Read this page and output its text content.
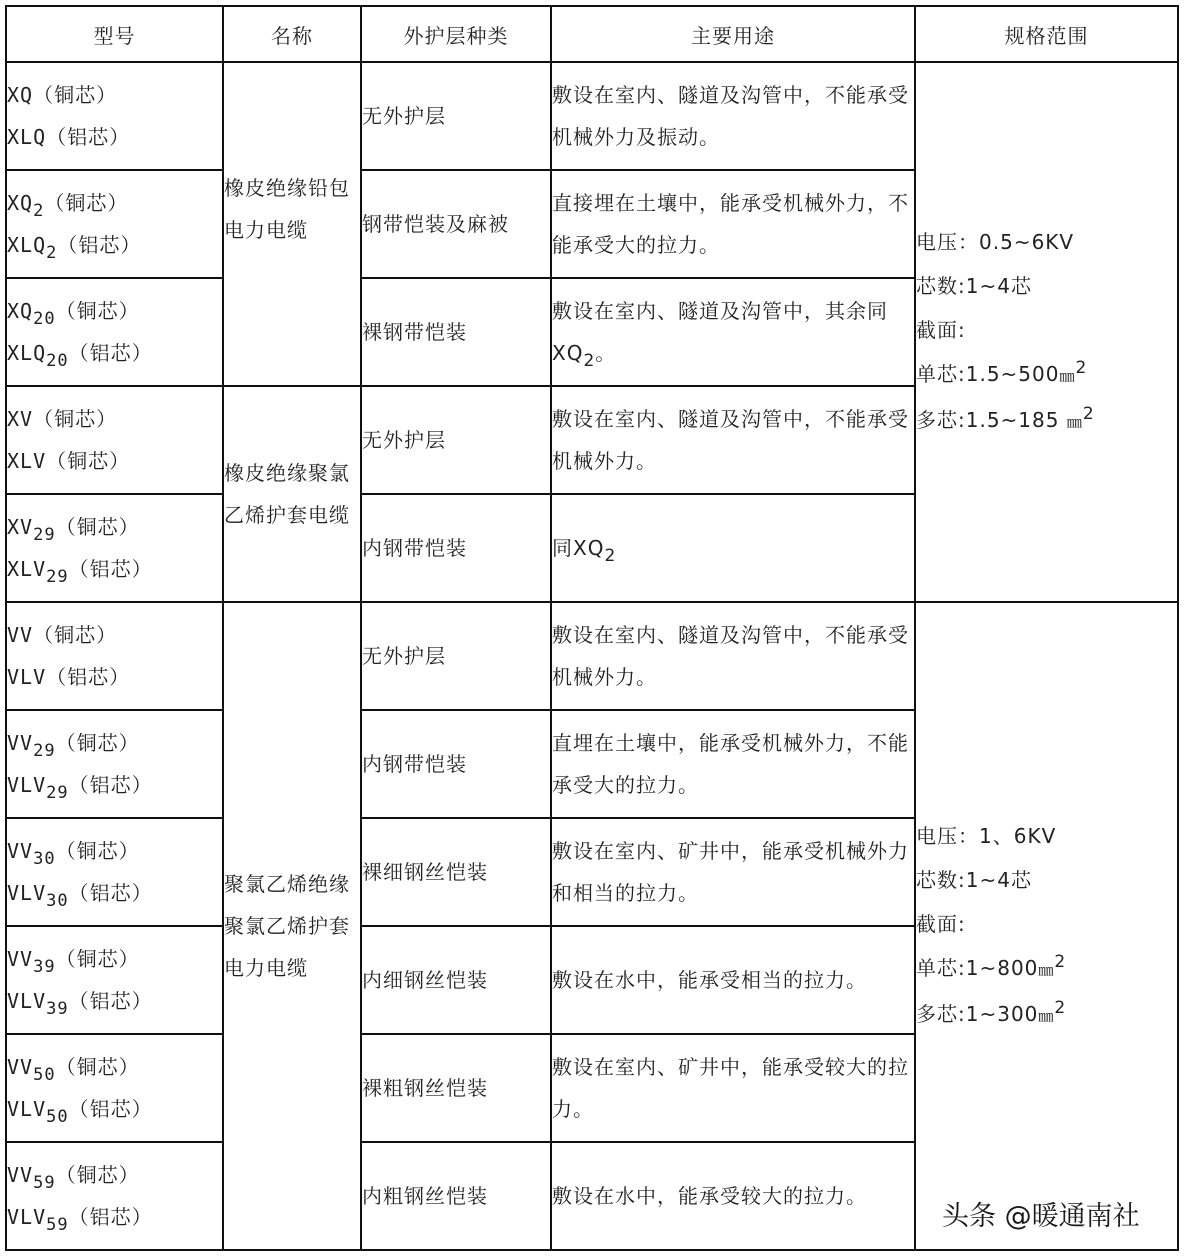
型号	名称	外护层种类	主要用途	规格范围

XQ（铜芯）
XLQ（铝芯）	橡皮绝缘铅包电力电缆	无外护层	敷设在室内、隧道及沟管中，不能承受机械外力及振动。	电压：0.5~6KV
芯数:1~4芯
截面:
单芯:1.5~500㎜$^2$
多芯:1.5~185 ㎜$^2$

$XQ_2$（铜芯）
$XLQ_2$（铝芯）		钢带恺装及麻被	直接埋在土壤中，能承受机械外力，不能承受大的拉力。	

$XQ_{20}$（铜芯）
$XLQ_{20}$（铝芯）		裸钢带恺装	敷设在室内、隧道及沟管中，其余同$XQ_2$。	

XV（铜芯）
XLV（铜芯）	橡皮绝缘聚氯乙烯护套电缆	无外护层	敷设在室内、隧道及沟管中，不能承受机械外力。	

$XV_{29}$（铜芯）
$XLV_{29}$（铝芯）		内钢带恺装	同$XQ_2$

VV（铜芯）
VLV（铝芯）	聚氯乙烯绝缘聚氯乙烯护套电力电缆	无外护层	敷设在室内、隧道及沟管中，不能承受机械外力。	电压：1、6KV
芯数:1~4芯
截面:
单芯:1~800㎜$^2$
多芯:1~300㎜$^2$

$VV_{29}$（铜芯）
$VLV_{29}$（铝芯）		内钢带恺装	直埋在土壤中，能承受机械外力，不能承受大的拉力。	

$VV_{30}$（铜芯）
$VLV_{30}$（铝芯）		裸细钢丝恺装	敷设在室内、矿井中，能承受机械外力和相当的拉力。	

$VV_{39}$（铜芯）
$VLV_{39}$（铝芯）		内细钢丝恺装	敷设在水中，能承受相当的拉力。	

$VV_{50}$（铜芯）
$VLV_{50}$（铝芯）		裸粗钢丝恺装	敷设在室内、矿井中，能承受较大的拉力。	

$VV_{59}$（铜芯）
$VLV_{59}$（铝芯）		内粗钢丝恺装	敷设在水中，能承受较大的拉力。	
头条 @暖通南社
